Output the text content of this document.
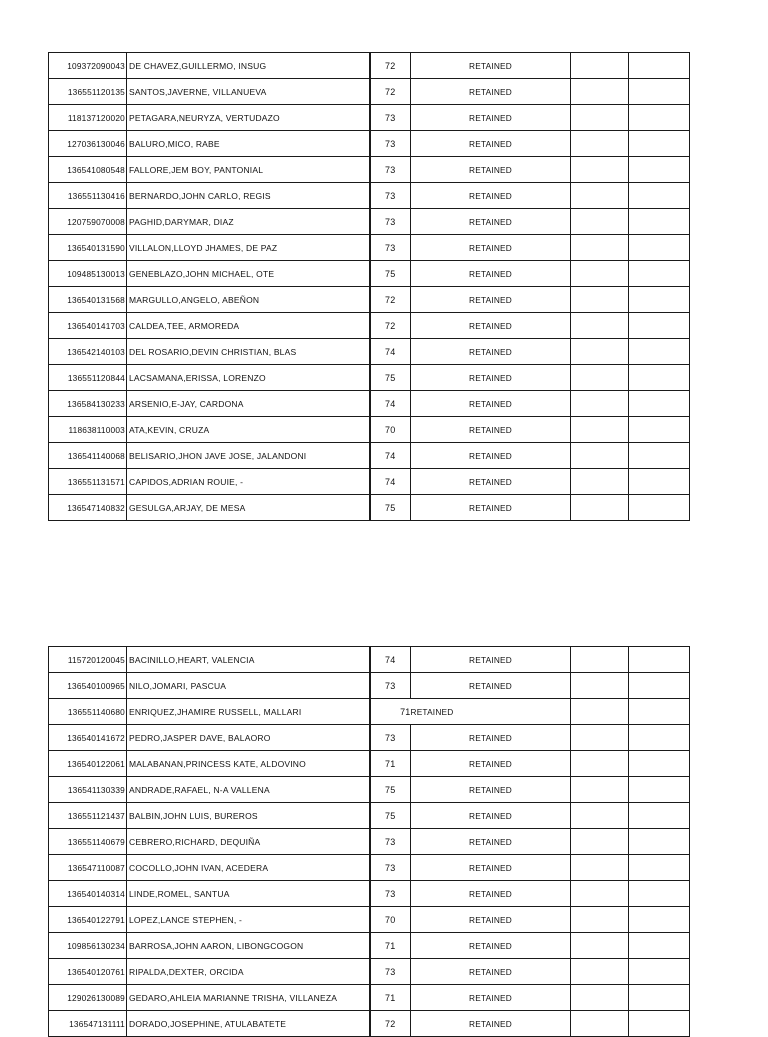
109372090043	DE CHAVEZ,GUILLERMO, INSUG	72	RETAINED		
136551120135	SANTOS,JAVERNE, VILLANUEVA	72	RETAINED		
118137120020	PETAGARA,NEURYZA, VERTUDAZO	73	RETAINED		
127036130046	BALURO,MICO, RABE	73	RETAINED		
136541080548	FALLORE,JEM BOY, PANTONIAL	73	RETAINED		
136551130416	BERNARDO,JOHN CARLO, REGIS	73	RETAINED		
120759070008	PAGHID,DARYMAR, DIAZ	73	RETAINED		
136540131590	VILLALON,LLOYD JHAMES, DE PAZ	73	RETAINED		
109485130013	GENEBLAZO,JOHN MICHAEL, OTE	75	RETAINED		
136540131568	MARGULLO,ANGELO, ABEÑON	72	RETAINED		
136540141703	CALDEA,TEE, ARMOREDA	72	RETAINED		
136542140103	DEL ROSARIO,DEVIN CHRISTIAN, BLAS	74	RETAINED		
136551120844	LACSAMANA,ERISSA, LORENZO	75	RETAINED		
136584130233	ARSENIO,E-JAY, CARDONA	74	RETAINED		
118638110003	ATA,KEVIN, CRUZA	70	RETAINED		
136541140068	BELISARIO,JHON JAVE JOSE, JALANDONI	74	RETAINED		
136551131571	CAPIDOS,ADRIAN ROUIE, -	74	RETAINED		
136547140832	GESULGA,ARJAY, DE MESA	75	RETAINED		
115720120045	BACINILLO,HEART, VALENCIA	74	RETAINED		
136540100965	NILO,JOMARI, PASCUA	73	RETAINED		
136551140680	ENRIQUEZ,JHAMIRE RUSSELL, MALLARI	71RETAINED			
136540141672	PEDRO,JASPER DAVE, BALAORO	73	RETAINED		
136540122061	MALABANAN,PRINCESS KATE, ALDOVINO	71	RETAINED		
136541130339	ANDRADE,RAFAEL, N-A VALLENA	75	RETAINED		
136551121437	BALBIN,JOHN LUIS, BUREROS	75	RETAINED		
136551140679	CEBRERO,RICHARD, DEQUIÑA	73	RETAINED		
136547110087	COCOLLO,JOHN IVAN, ACEDERA	73	RETAINED		
136540140314	LINDE,ROMEL, SANTUA	73	RETAINED		
136540122791	LOPEZ,LANCE STEPHEN, -	70	RETAINED		
109856130234	BARROSA,JOHN AARON, LIBONGCOGON	71	RETAINED		
136540120761	RIPALDA,DEXTER, ORCIDA	73	RETAINED		
129026130089	GEDARO,AHLEIA MARIANNE TRISHA, VILLANEZA	71	RETAINED		
136547131111	DORADO,JOSEPHINE, ATULABATETE	72	RETAINED		
